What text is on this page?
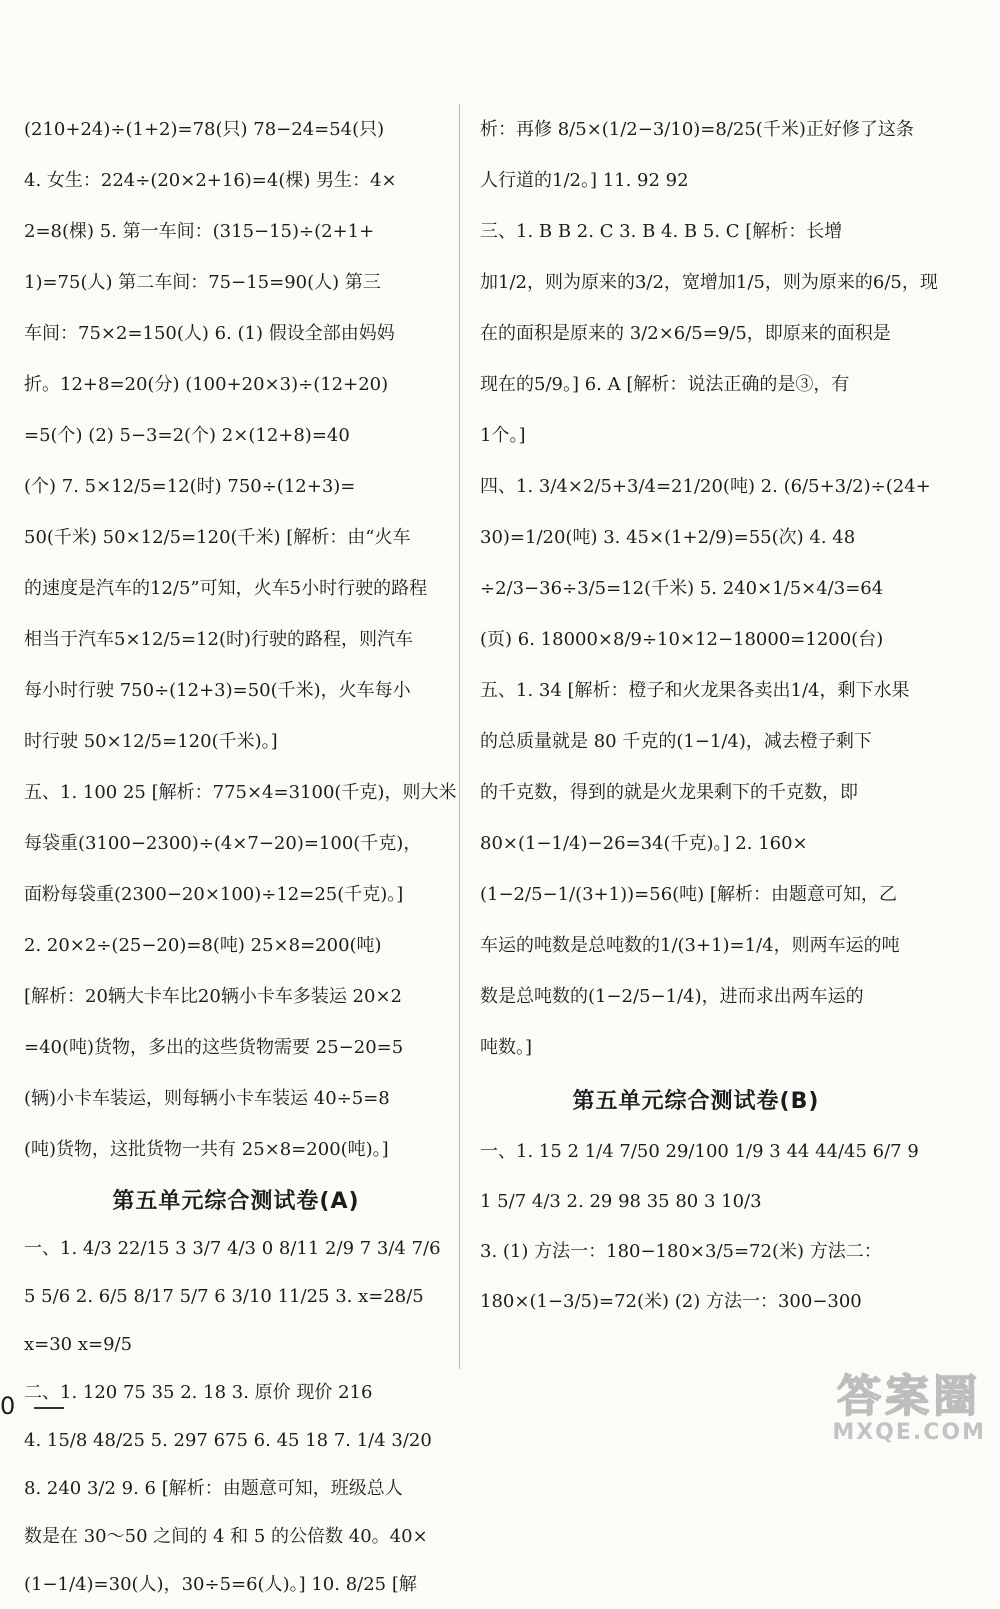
(210+24)÷(1+2)=78(只) 78−24=54(只)
4. 女生：224÷(20×2+16)=4(棵) 男生：4×
2=8(棵) 5. 第一车间：(315−15)÷(2+1+
1)=75(人) 第二车间：75−15=90(人) 第三
车间：75×2=150(人) 6. (1) 假设全部由妈妈
折。12+8=20(分) (100+20×3)÷(12+20)
=5(个) (2) 5−3=2(个) 2×(12+8)=40
(个) 7. 5×12/5=12(时) 750÷(12+3)=
50(千米) 50×12/5=120(千米) [解析：由“火车
的速度是汽车的12/5”可知，火车5小时行驶的路程
相当于汽车5×12/5=12(时)行驶的路程，则汽车
每小时行驶 750÷(12+3)=50(千米)，火车每小
时行驶 50×12/5=120(千米)。]
五、1. 100 25 [解析：775×4=3100(千克)，则大米
每袋重(3100−2300)÷(4×7−20)=100(千克)，
面粉每袋重(2300−20×100)÷12=25(千克)。]
2. 20×2÷(25−20)=8(吨) 25×8=200(吨)
[解析：20辆大卡车比20辆小卡车多装运 20×2
=40(吨)货物，多出的这些货物需要 25−20=5
(辆)小卡车装运，则每辆小卡车装运 40÷5=8
(吨)货物，这批货物一共有 25×8=200(吨)。]
第五单元综合测试卷(A)
一、1. 4/3 22/15 3 3/7 4/3 0 8/11 2/9 7 3/4 7/6
5 5/6 2. 6/5 8/17 5/7 6 3/10 11/25 3. x=28/5
x=30 x=9/5
二、1. 120 75 35 2. 18 3. 原价 现价 216
4. 15/8 48/25 5. 297 675 6. 45 18 7. 1/4 3/20
8. 240 3/2 9. 6 [解析：由题意可知，班级总人
数是在 30～50 之间的 4 和 5 的公倍数 40。40×
(1−1/4)=30(人)，30÷5=6(人)。] 10. 8/25 [解
析：再修 8/5×(1/2−3/10)=8/25(千米)正好修了这条
人行道的1/2。] 11. 92 92
三、1. B B 2. C 3. B 4. B 5. C [解析：长增
加1/2，则为原来的3/2，宽增加1/5，则为原来的6/5，现
在的面积是原来的 3/2×6/5=9/5，即原来的面积是
现在的5/9。] 6. A [解析：说法正确的是③，有
1个。]
四、1. 3/4×2/5+3/4=21/20(吨) 2. (6/5+3/2)÷(24+
30)=1/20(吨) 3. 45×(1+2/9)=55(次) 4. 48
÷2/3−36÷3/5=12(千米) 5. 240×1/5×4/3=64
(页) 6. 18000×8/9÷10×12−18000=1200(台)
五、1. 34 [解析：橙子和火龙果各卖出1/4，剩下水果
的总质量就是 80 千克的(1−1/4)，减去橙子剩下
的千克数，得到的就是火龙果剩下的千克数，即
80×(1−1/4)−26=34(千克)。] 2. 160×
(1−2/5−1/(3+1))=56(吨) [解析：由题意可知，乙
车运的吨数是总吨数的1/(3+1)=1/4，则两车运的吨
数是总吨数的(1−2/5−1/4)，进而求出两车运的
吨数。]
第五单元综合测试卷(B)
一、1. 15 2 1/4 7/50 29/100 1/9 3 44 44/45 6/7 9
1 5/7 4/3 2. 29 98 35 80 3 10/3
3. (1) 方法一：180−180×3/5=72(米) 方法二：
180×(1−3/5)=72(米) (2) 方法一：300−300
0	答案圈
MXQE.COM
